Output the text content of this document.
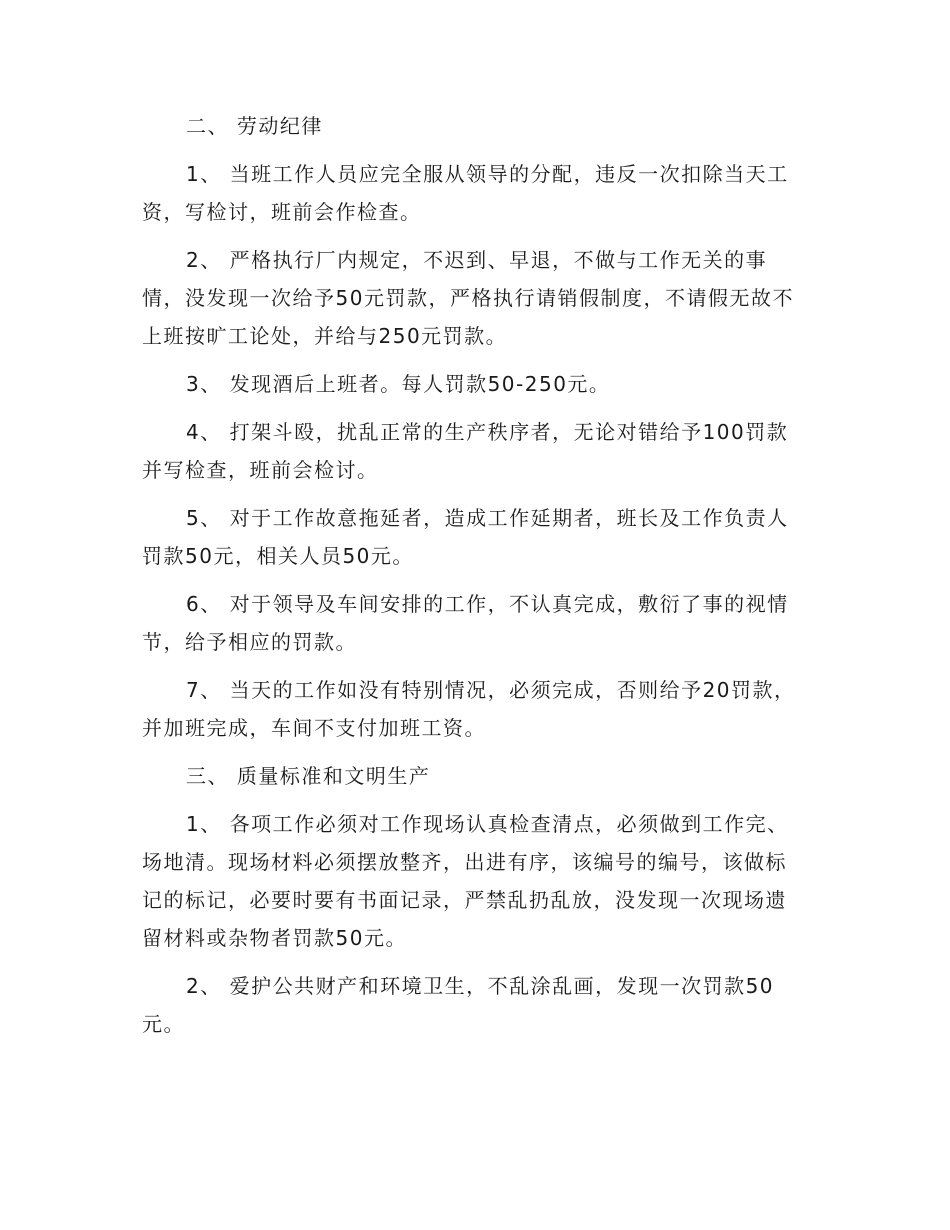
二、 劳动纪律
1、 当班工作人员应完全服从领导的分配，违反一次扣除当天工
资，写检讨，班前会作检查。
2、 严格执行厂内规定，不迟到、早退，不做与工作无关的事
情，没发现一次给予50元罚款，严格执行请销假制度，不请假无故不
上班按旷工论处，并给与250元罚款。
3、 发现酒后上班者。每人罚款50-250元。
4、 打架斗殴，扰乱正常的生产秩序者，无论对错给予100罚款
并写检查，班前会检讨。
5、 对于工作故意拖延者，造成工作延期者，班长及工作负责人
罚款50元，相关人员50元。
6、 对于领导及车间安排的工作，不认真完成，敷衍了事的视情
节，给予相应的罚款。
7、 当天的工作如没有特别情况，必须完成，否则给予20罚款，
并加班完成，车间不支付加班工资。
三、 质量标准和文明生产
1、 各项工作必须对工作现场认真检查清点，必须做到工作完、
场地清。现场材料必须摆放整齐，出进有序，该编号的编号，该做标
记的标记，必要时要有书面记录，严禁乱扔乱放，没发现一次现场遗
留材料或杂物者罚款50元。
2、 爱护公共财产和环境卫生，不乱涂乱画，发现一次罚款50
元。
